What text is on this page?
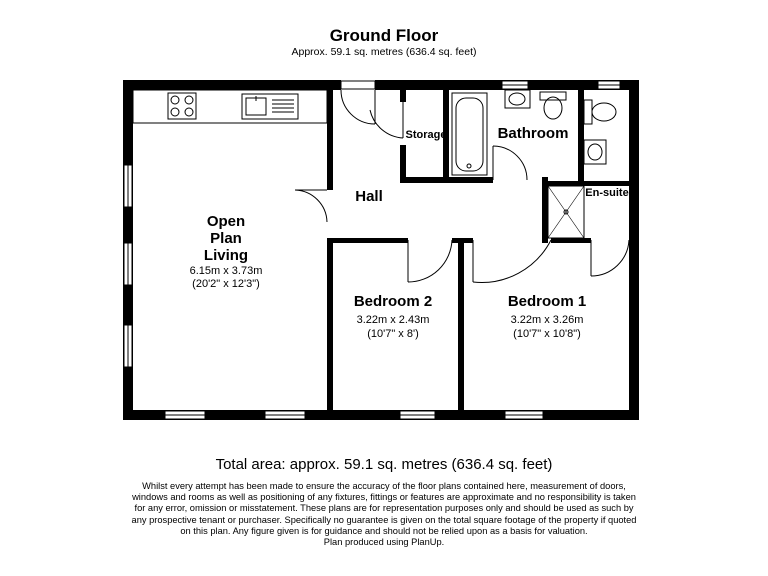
Ground Floor
Approx. 59.1 sq. metres (636.4 sq. feet)
Open
Plan
Living
6.15m x 3.73m
(20'2" x 12'3")
Hall
Storage	Bathroom
En-suite
Bedroom 2
3.22m x 2.43m
(10'7" x 8')
Bedroom 1
3.22m x 3.26m
(10'7" x 10'8")
Total area: approx. 59.1 sq. metres (636.4 sq. feet)
Whilst every attempt has been made to ensure the accuracy of the floor plans contained here, measurement of doors, windows and rooms as well as positioning of any fixtures, fittings or features are approximate and no responsibility is taken for any error, omission or misstatement. These plans are for representation purposes only and should be used as such by any prospective tenant or purchaser. Specifically no guarantee is given on the total square footage of the property if quoted on this plan. Any figure given is for guidance and should not be relied upon as a basis for valuation.
Plan produced using PlanUp.
